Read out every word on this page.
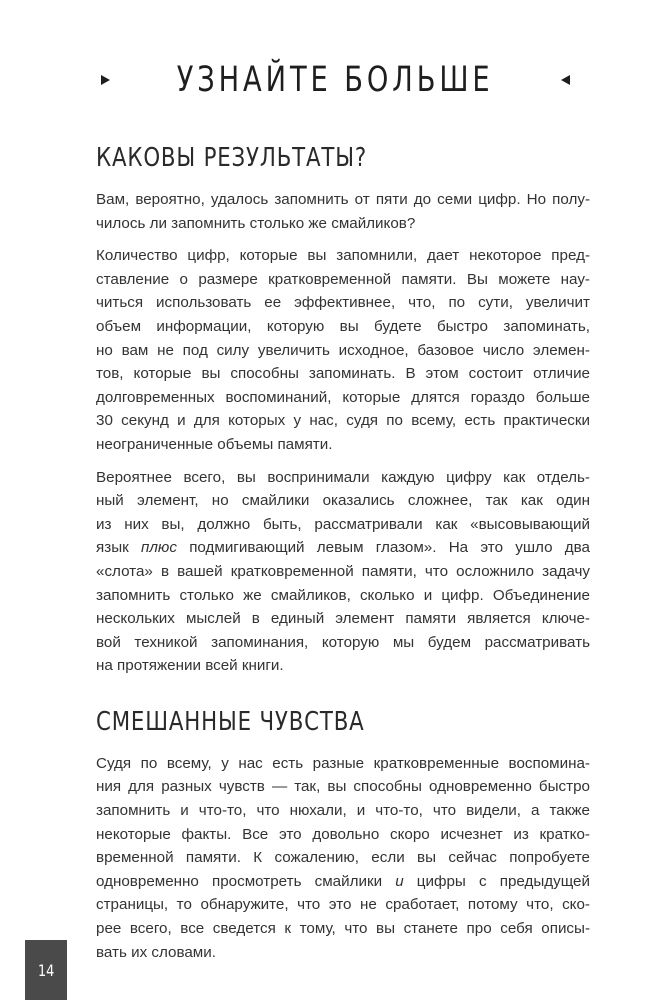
УЗНАЙТЕ БОЛЬШЕ
КАКОВЫ РЕЗУЛЬТАТЫ?
Вам, вероятно, удалось запомнить от пяти до семи цифр. Но полу-
чилось ли запомнить столько же смайликов?
Количество цифр, которые вы запомнили, дает некоторое пред-
ставление о размере кратковременной памяти. Вы можете нау-
читься использовать ее эффективнее, что, по сути, увеличит
объем информации, которую вы будете быстро запоминать,
но вам не под силу увеличить исходное, базовое число элемен-
тов, которые вы способны запоминать. В этом состоит отличие
долговременных воспоминаний, которые длятся гораздо больше
30 секунд и для которых у нас, судя по всему, есть практически
неограниченные объемы памяти.
Вероятнее всего, вы воспринимали каждую цифру как отдель-
ный элемент, но смайлики оказались сложнее, так как один
из них вы, должно быть, рассматривали как «высовывающий
язык плюс подмигивающий левым глазом». На это ушло два
«слота» в вашей кратковременной памяти, что осложнило задачу
запомнить столько же смайликов, сколько и цифр. Объединение
нескольких мыслей в единый элемент памяти является ключе-
вой техникой запоминания, которую мы будем рассматривать
на протяжении всей книги.
СМЕШАННЫЕ ЧУВСТВА
Судя по всему, у нас есть разные кратковременные воспомина-
ния для разных чувств — так, вы способны одновременно быстро
запомнить и что-то, что нюхали, и что-то, что видели, а также
некоторые факты. Все это довольно скоро исчезнет из кратко-
временной памяти. К сожалению, если вы сейчас попробуете
одновременно просмотреть смайлики и цифры с предыдущей
страницы, то обнаружите, что это не сработает, потому что, ско-
рее всего, все сведется к тому, что вы станете про себя описы-
вать их словами.
14
